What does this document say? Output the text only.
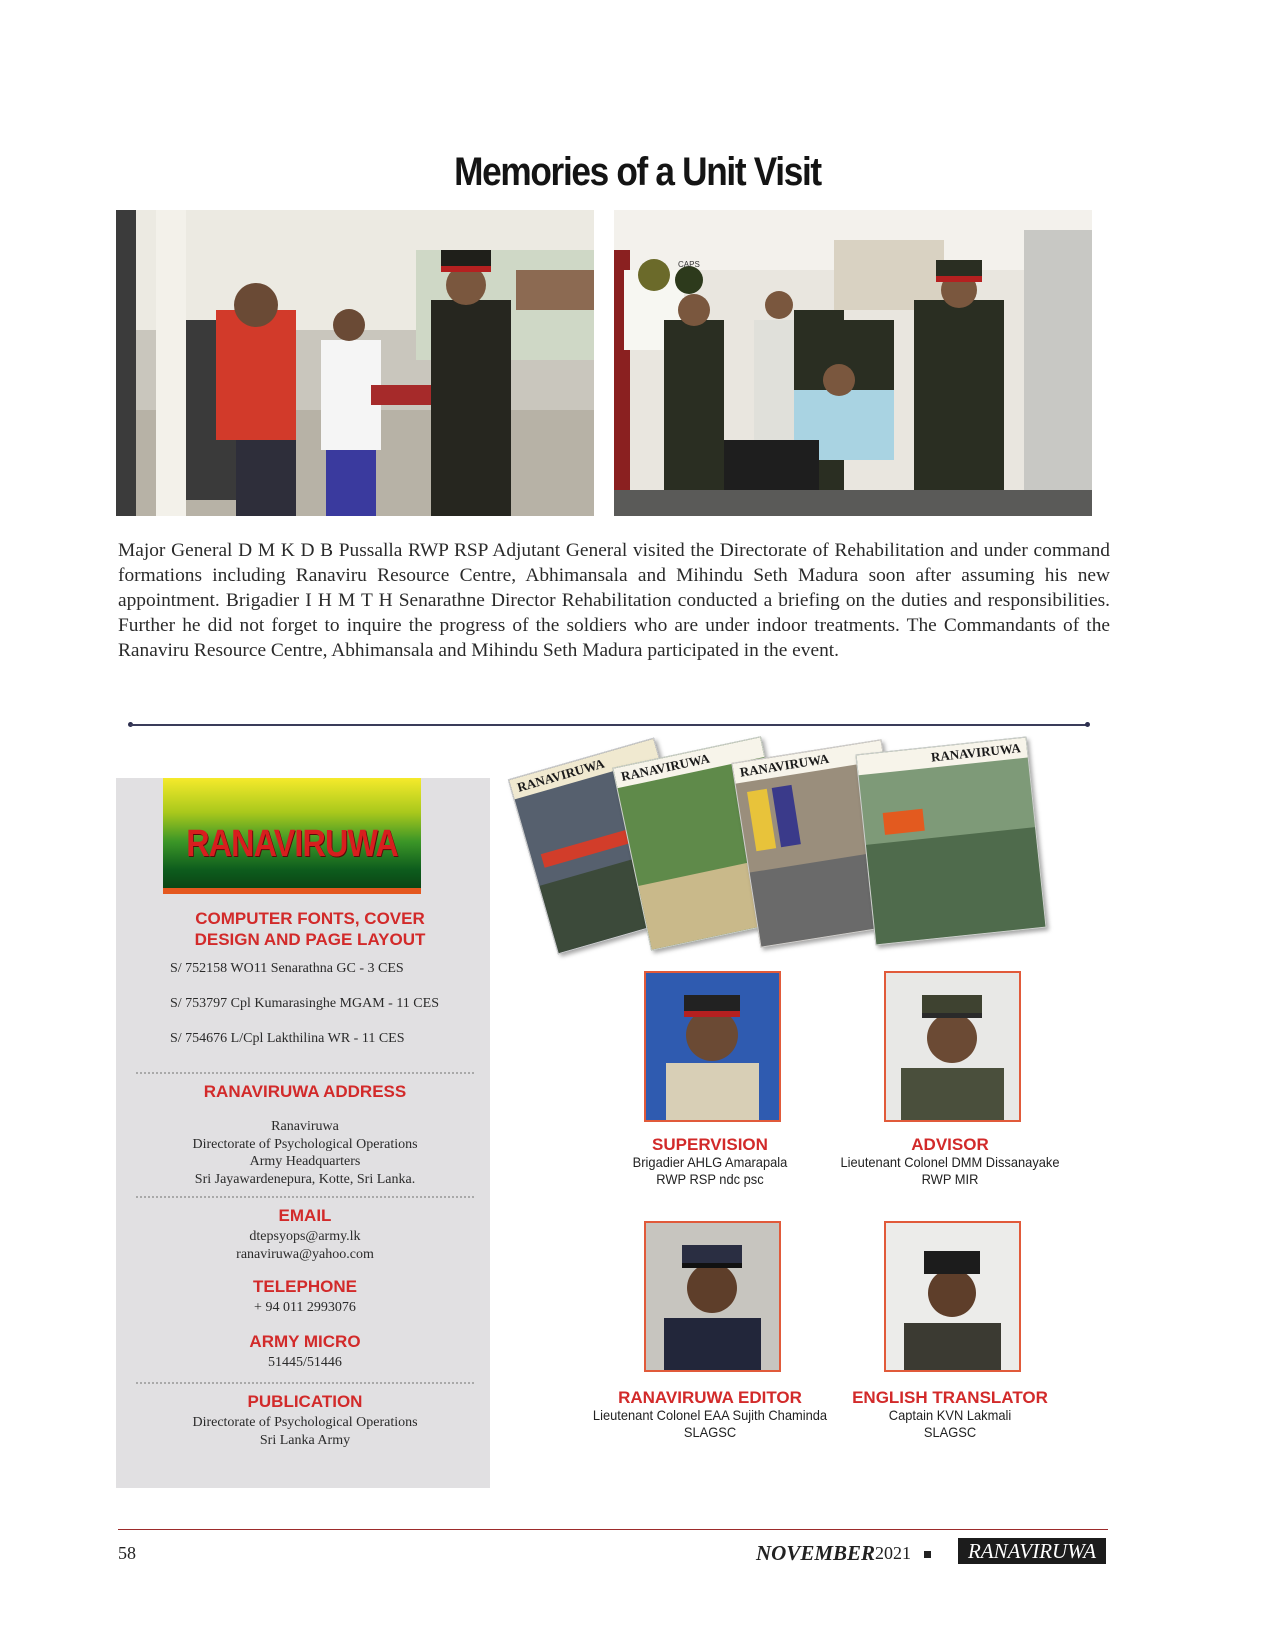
Memories of a Unit Visit
CAPS
Major General D M K D B Pussalla RWP RSP Adjutant General visited the Directorate of Rehabilitation and under command formations including Ranaviru Resource Centre, Abhimansala and Mihindu Seth Madura soon after assuming his new appointment. Brigadier I H M T H Senarathne Director Rehabilitation conducted a briefing on the duties and responsibilities. Further he did not forget to inquire the progress of the soldiers who are under indoor treatments. The Commandants of the Ranaviru Resource Centre, Abhimansala and Mihindu Seth Madura participated in the event.
RANAVIRUWA
COMPUTER FONTS, COVER DESIGN AND PAGE LAYOUT
S/ 752158 WO11 Senarathna GC - 3 CES
S/ 753797 Cpl Kumarasinghe MGAM - 11 CES
S/ 754676 L/Cpl Lakthilina WR - 11 CES
RANAVIRUWA ADDRESS
Ranaviruwa
Directorate of Psychological Operations
Army Headquarters
Sri Jayawardenepura, Kotte, Sri Lanka.
EMAIL
dtepsyops@army.lk
ranaviruwa@yahoo.com
TELEPHONE
+ 94 011 2993076
ARMY MICRO
51445/51446
PUBLICATION
Directorate of Psychological Operations
Sri Lanka Army
RANAVIRUWA	RANAVIRUWA	RANAVIRUWA	RANAVIRUWA
SUPERVISION
Brigadier AHLG Amarapala
RWP RSP ndc psc
ADVISOR
Lieutenant Colonel DMM Dissanayake
RWP MIR
RANAVIRUWA EDITOR
Lieutenant Colonel EAA Sujith Chaminda
SLAGSC
ENGLISH TRANSLATOR
Captain KVN Lakmali
SLAGSC
58	NOVEMBER 2021	RANAVIRUWA
